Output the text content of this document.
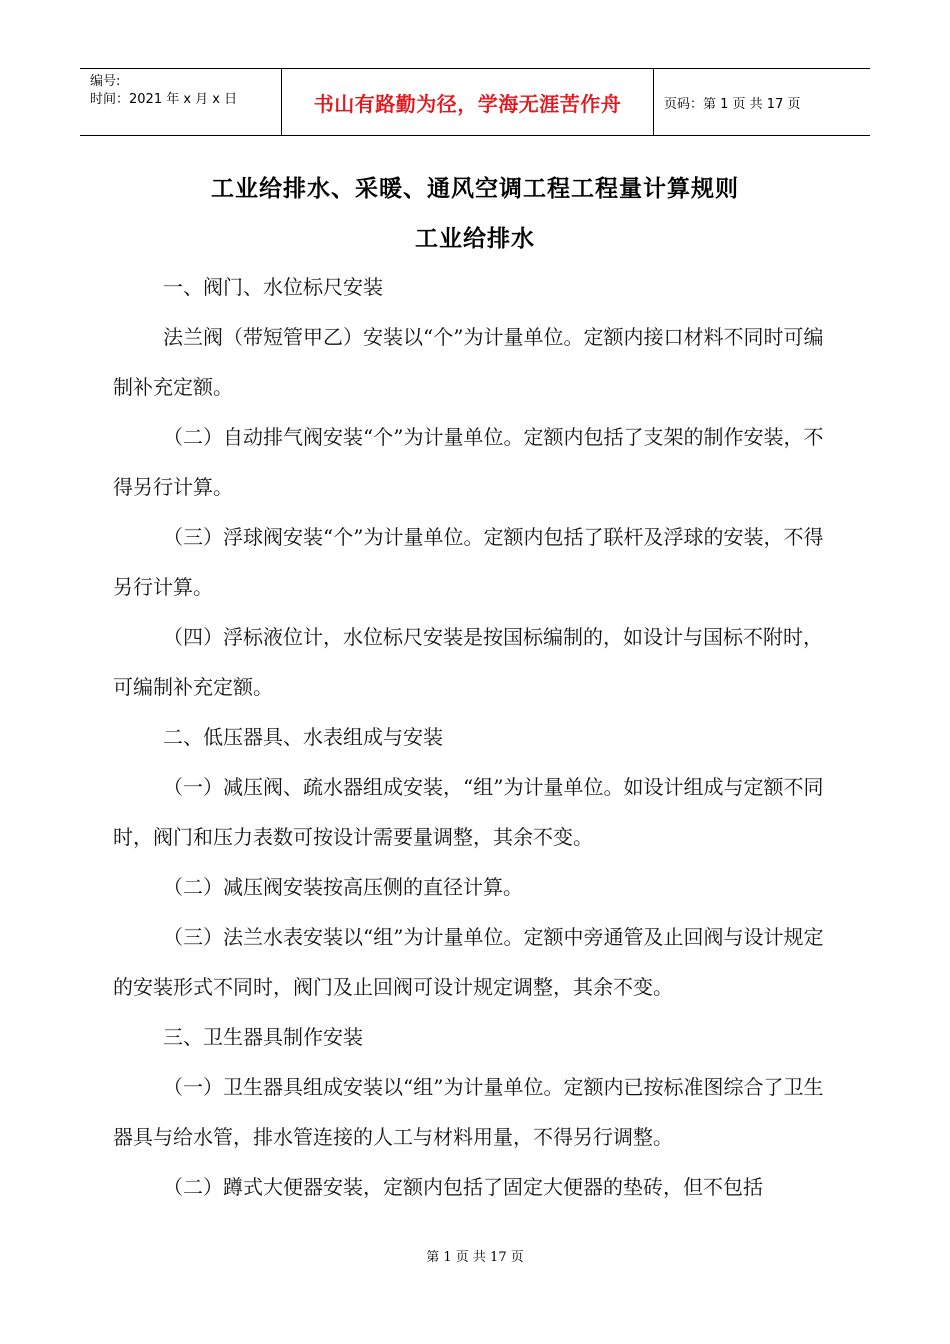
编号:
时间：2021 年 x 月 x 日	书山有路勤为径，学海无涯苦作舟	页码：第 1 页 共 17 页
工业给排水、采暖、通风空调工程工程量计算规则
工业给排水

一、阀门、水位标尺安装

法兰阀（带短管甲乙）安装以“个”为计量单位。定额内接口材料不同时可编制补充定额。

（二）自动排气阀安装“个”为计量单位。定额内包括了支架的制作安装，不得另行计算。

（三）浮球阀安装“个”为计量单位。定额内包括了联杆及浮球的安装，不得另行计算。

（四）浮标液位计，水位标尺安装是按国标编制的，如设计与国标不附时，可编制补充定额。

二、低压器具、水表组成与安装

（一）减压阀、疏水器组成安装，“组”为计量单位。如设计组成与定额不同时，阀门和压力表数可按设计需要量调整，其余不变。

（二）减压阀安装按高压侧的直径计算。

（三）法兰水表安装以“组”为计量单位。定额中旁通管及止回阀与设计规定的安装形式不同时，阀门及止回阀可设计规定调整，其余不变。

三、卫生器具制作安装

（一）卫生器具组成安装以“组”为计量单位。定额内已按标准图综合了卫生器具与给水管，排水管连接的人工与材料用量，不得另行调整。

（二）蹲式大便器安装，定额内包括了固定大便器的垫砖，但不包括

第 1 页 共 17 页
